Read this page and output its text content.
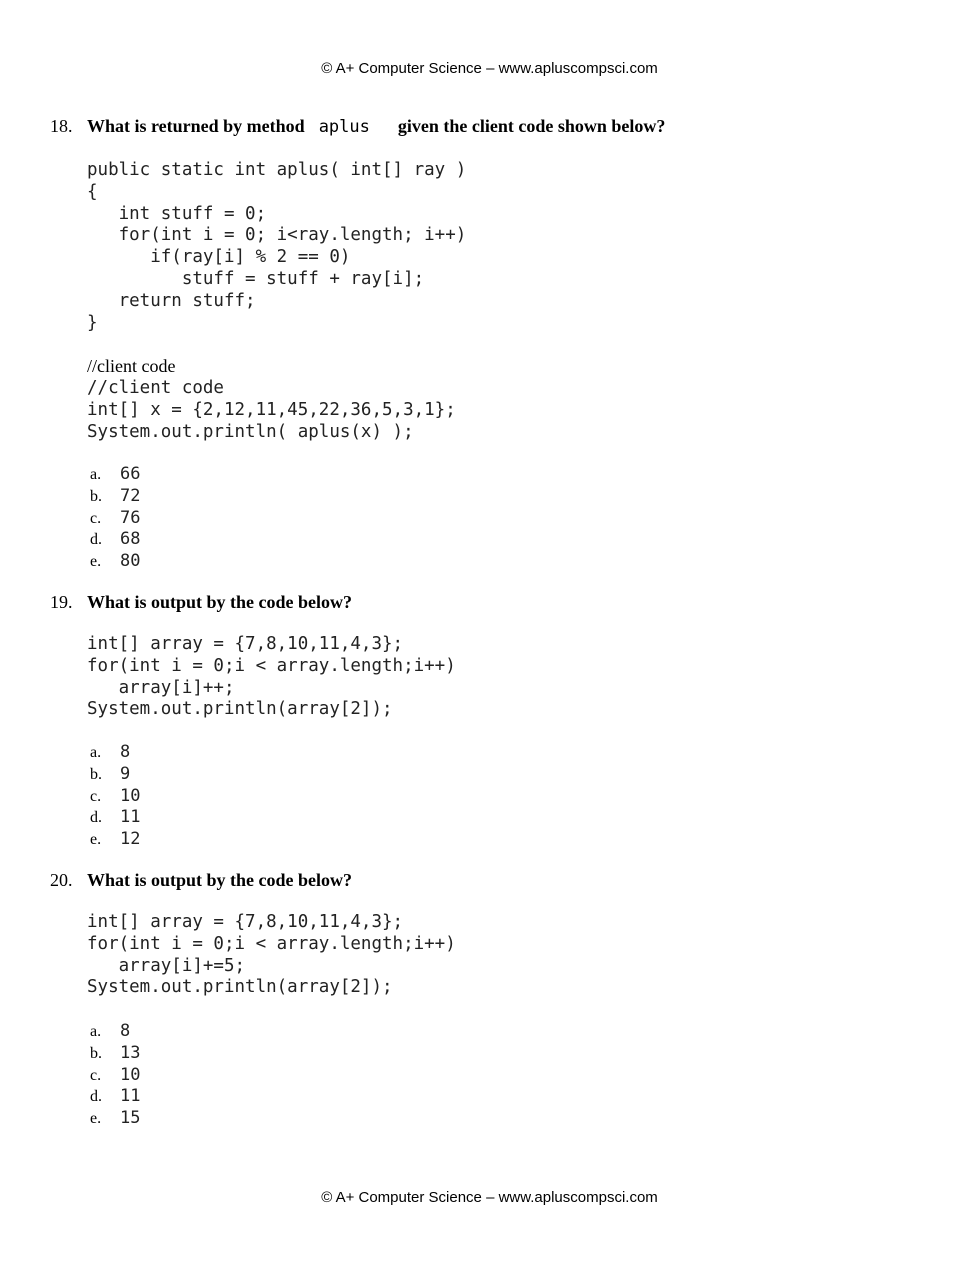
© A+ Computer Science – www.apluscompsci.com
18. What is returned by method aplus given the client code shown below?
public static int aplus( int[] ray )
{
int stuff = 0;
for(int i = 0; i<ray.length; i++)
if(ray[i] % 2 == 0)
stuff = stuff + ray[i];
return stuff;
}
//client code
//client code
int[] x = {2,12,11,45,22,36,5,3,1};
System.out.println( aplus(x) );
a. 66
b. 72
c. 76
d. 68
e. 80
19. What is output by the code below?
int[] array = {7,8,10,11,4,3};
for(int i = 0;i < array.length;i++)
array[i]++;
System.out.println(array[2]);
a. 8
b. 9
c. 10
d. 11
e. 12
20. What is output by the code below?
int[] array = {7,8,10,11,4,3};
for(int i = 0;i < array.length;i++)
array[i]+=5;
System.out.println(array[2]);
a. 8
b. 13
c. 10
d. 11
e. 15
© A+ Computer Science – www.apluscompsci.com
